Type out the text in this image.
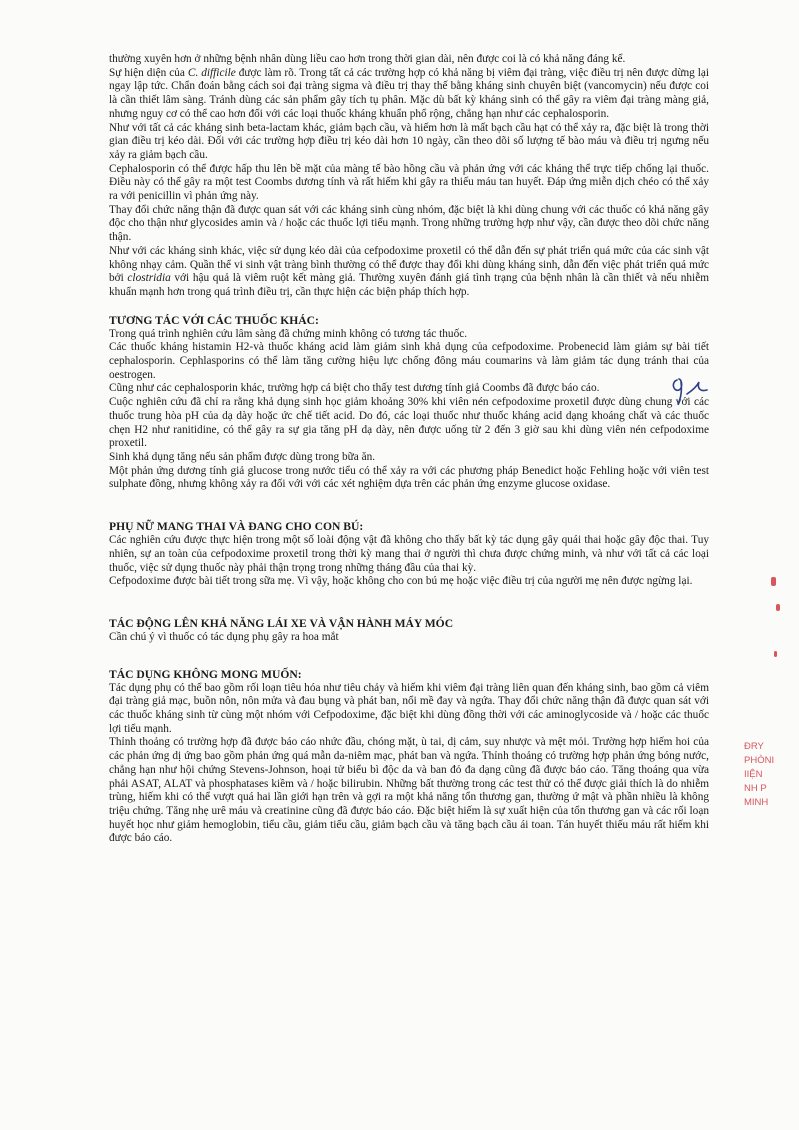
thường xuyên hơn ở những bệnh nhân dùng liều cao hơn trong thời gian dài, nên được coi là có khả năng đáng kể.

Sự hiện diện của C. difficile được làm rõ. Trong tất cả các trường hợp có khả năng bị viêm đại tràng, việc điều trị nên được dừng lại ngay lập tức. Chẩn đoán bằng cách soi đại tràng sigma và điều trị thay thế bằng kháng sinh chuyên biệt (vancomycin) nếu được coi là cần thiết lâm sàng. Tránh dùng các sản phẩm gây tích tụ phân. Mặc dù bất kỳ kháng sinh có thể gây ra viêm đại tràng màng giả, nhưng nguy cơ có thể cao hơn đối với các loại thuốc kháng khuẩn phổ rộng, chẳng hạn như các cephalosporin.

Như với tất cả các kháng sinh beta-lactam khác, giảm bạch cầu, và hiếm hơn là mất bạch cầu hạt có thể xảy ra, đặc biệt là trong thời gian điều trị kéo dài. Đối với các trường hợp điều trị kéo dài hơn 10 ngày, cần theo dõi số lượng tế bào máu và điều trị ngưng nếu xảy ra giảm bạch cầu.

Cephalosporin có thể được hấp thu lên bề mặt của màng tế bào hồng cầu và phản ứng với các kháng thể trực tiếp chống lại thuốc. Điều này có thể gây ra một test Coombs dương tính và rất hiếm khi gây ra thiếu máu tan huyết. Đáp ứng miễn dịch chéo có thể xảy ra với penicillin vì phản ứng này.

Thay đổi chức năng thận đã được quan sát với các kháng sinh cùng nhóm, đặc biệt là khi dùng chung với các thuốc có khả năng gây độc cho thận như glycosides amin và / hoặc các thuốc lợi tiểu mạnh. Trong những trường hợp như vậy, cần được theo dõi chức năng thận.

Như với các kháng sinh khác, việc sử dụng kéo dài của cefpodoxime proxetil có thể dẫn đến sự phát triển quá mức của các sinh vật không nhạy cảm. Quần thể vi sinh vật tràng bình thường có thể được thay đổi khi dùng kháng sinh, dẫn đến việc phát triển quá mức bởi clostridia với hậu quả là viêm ruột kết màng giả. Thường xuyên đánh giá tình trạng của bệnh nhân là cần thiết và nếu nhiễm khuẩn mạnh hơn trong quá trình điều trị, cần thực hiện các biện pháp thích hợp.

TƯƠNG TÁC VỚI CÁC THUỐC KHÁC:

Trong quá trình nghiên cứu lâm sàng đã chứng minh không có tương tác thuốc.

Các thuốc kháng histamin H2-và thuốc kháng acid làm giảm sinh khả dụng của cefpodoxime. Probenecid làm giảm sự bài tiết cephalosporin. Cephlasporins có thể làm tăng cường hiệu lực chống đông máu coumarins và làm giảm tác dụng tránh thai của oestrogen.

Cũng như các cephalosporin khác, trường hợp cá biệt cho thấy test dương tính giả Coombs đã được báo cáo.

Cuộc nghiên cứu đã chỉ ra rằng khả dụng sinh học giảm khoảng 30% khi viên nén cefpodoxime proxetil được dùng chung với các thuốc trung hòa pH của dạ dày hoặc ức chế tiết acid. Do đó, các loại thuốc như thuốc kháng acid dạng khoáng chất và các thuốc chẹn H2 như ranitidine, có thể gây ra sự gia tăng pH dạ dày, nên được uống từ 2 đến 3 giờ sau khi dùng viên nén cefpodoxime proxetil.

Sinh khả dụng tăng nếu sản phẩm được dùng trong bữa ăn.

Một phản ứng dương tính giả glucose trong nước tiểu có thể xảy ra với các phương pháp Benedict hoặc Fehling hoặc với viên test sulphate đồng, nhưng không xảy ra đối với với các xét nghiệm dựa trên các phản ứng enzyme glucose oxidase.

PHỤ NỮ MANG THAI VÀ ĐANG CHO CON BÚ:

Các nghiên cứu được thực hiện trong một số loài động vật đã không cho thấy bất kỳ tác dụng gây quái thai hoặc gây độc thai. Tuy nhiên, sự an toàn của cefpodoxime proxetil trong thời kỳ mang thai ở người thì chưa được chứng minh, và như với tất cả các loại thuốc, việc sử dụng thuốc này phải thận trọng trong những tháng đầu của thai kỳ.

Cefpodoxime được bài tiết trong sữa mẹ. Vì vậy, hoặc không cho con bú mẹ hoặc việc điều trị của người mẹ nên được ngừng lại.

TÁC ĐỘNG LÊN KHẢ NĂNG LÁI XE VÀ VẬN HÀNH MÁY MÓC

Cần chú ý vì thuốc có tác dụng phụ gây ra hoa mắt

TÁC DỤNG KHÔNG MONG MUỐN:

Tác dụng phụ có thể bao gồm rối loạn tiêu hóa như tiêu chảy và hiếm khi viêm đại tràng liên quan đến kháng sinh, bao gồm cả viêm đại tràng giả mạc, buồn nôn, nôn mửa và đau bụng và phát ban, nổi mề đay và ngứa. Thay đổi chức năng thận đã được quan sát với các thuốc kháng sinh từ cùng một nhóm với Cefpodoxime, đặc biệt khi dùng đồng thời với các aminoglycoside và / hoặc các thuốc lợi tiểu mạnh.

Thỉnh thoảng có trường hợp đã được báo cáo nhức đầu, chóng mặt, ù tai, dị cảm, suy nhược và mệt mỏi. Trường hợp hiếm hoi của các phản ứng dị ứng bao gồm phản ứng quá mẫn da-niêm mạc, phát ban và ngứa. Thỉnh thoảng có trường hợp phản ứng bóng nước, chẳng hạn như hội chứng Stevens-Johnson, hoại tử biểu bì độc da và ban đỏ đa dạng cũng đã được báo cáo. Tăng thoáng qua vừa phải ASAT, ALAT và phosphatases kiềm và / hoặc bilirubin. Những bất thường trong các test thử có thể được giải thích là do nhiễm trùng, hiếm khi có thể vượt quá hai lần giới hạn trên và gợi ra một khả năng tổn thương gan, thường ứ mật và phần nhiều là không triệu chứng. Tăng nhẹ urê máu và creatinine cũng đã được báo cáo. Đặc biệt hiếm là sự xuất hiện của tổn thương gan và các rối loạn huyết học như giảm hemoglobin, tiểu cầu, giảm tiểu cầu, giảm bạch cầu và tăng bạch cầu ái toan. Tán huyết thiếu máu rất hiếm khi được báo cáo.

ĐRY
PHÒNI
IIỆN
NH P
MINH
